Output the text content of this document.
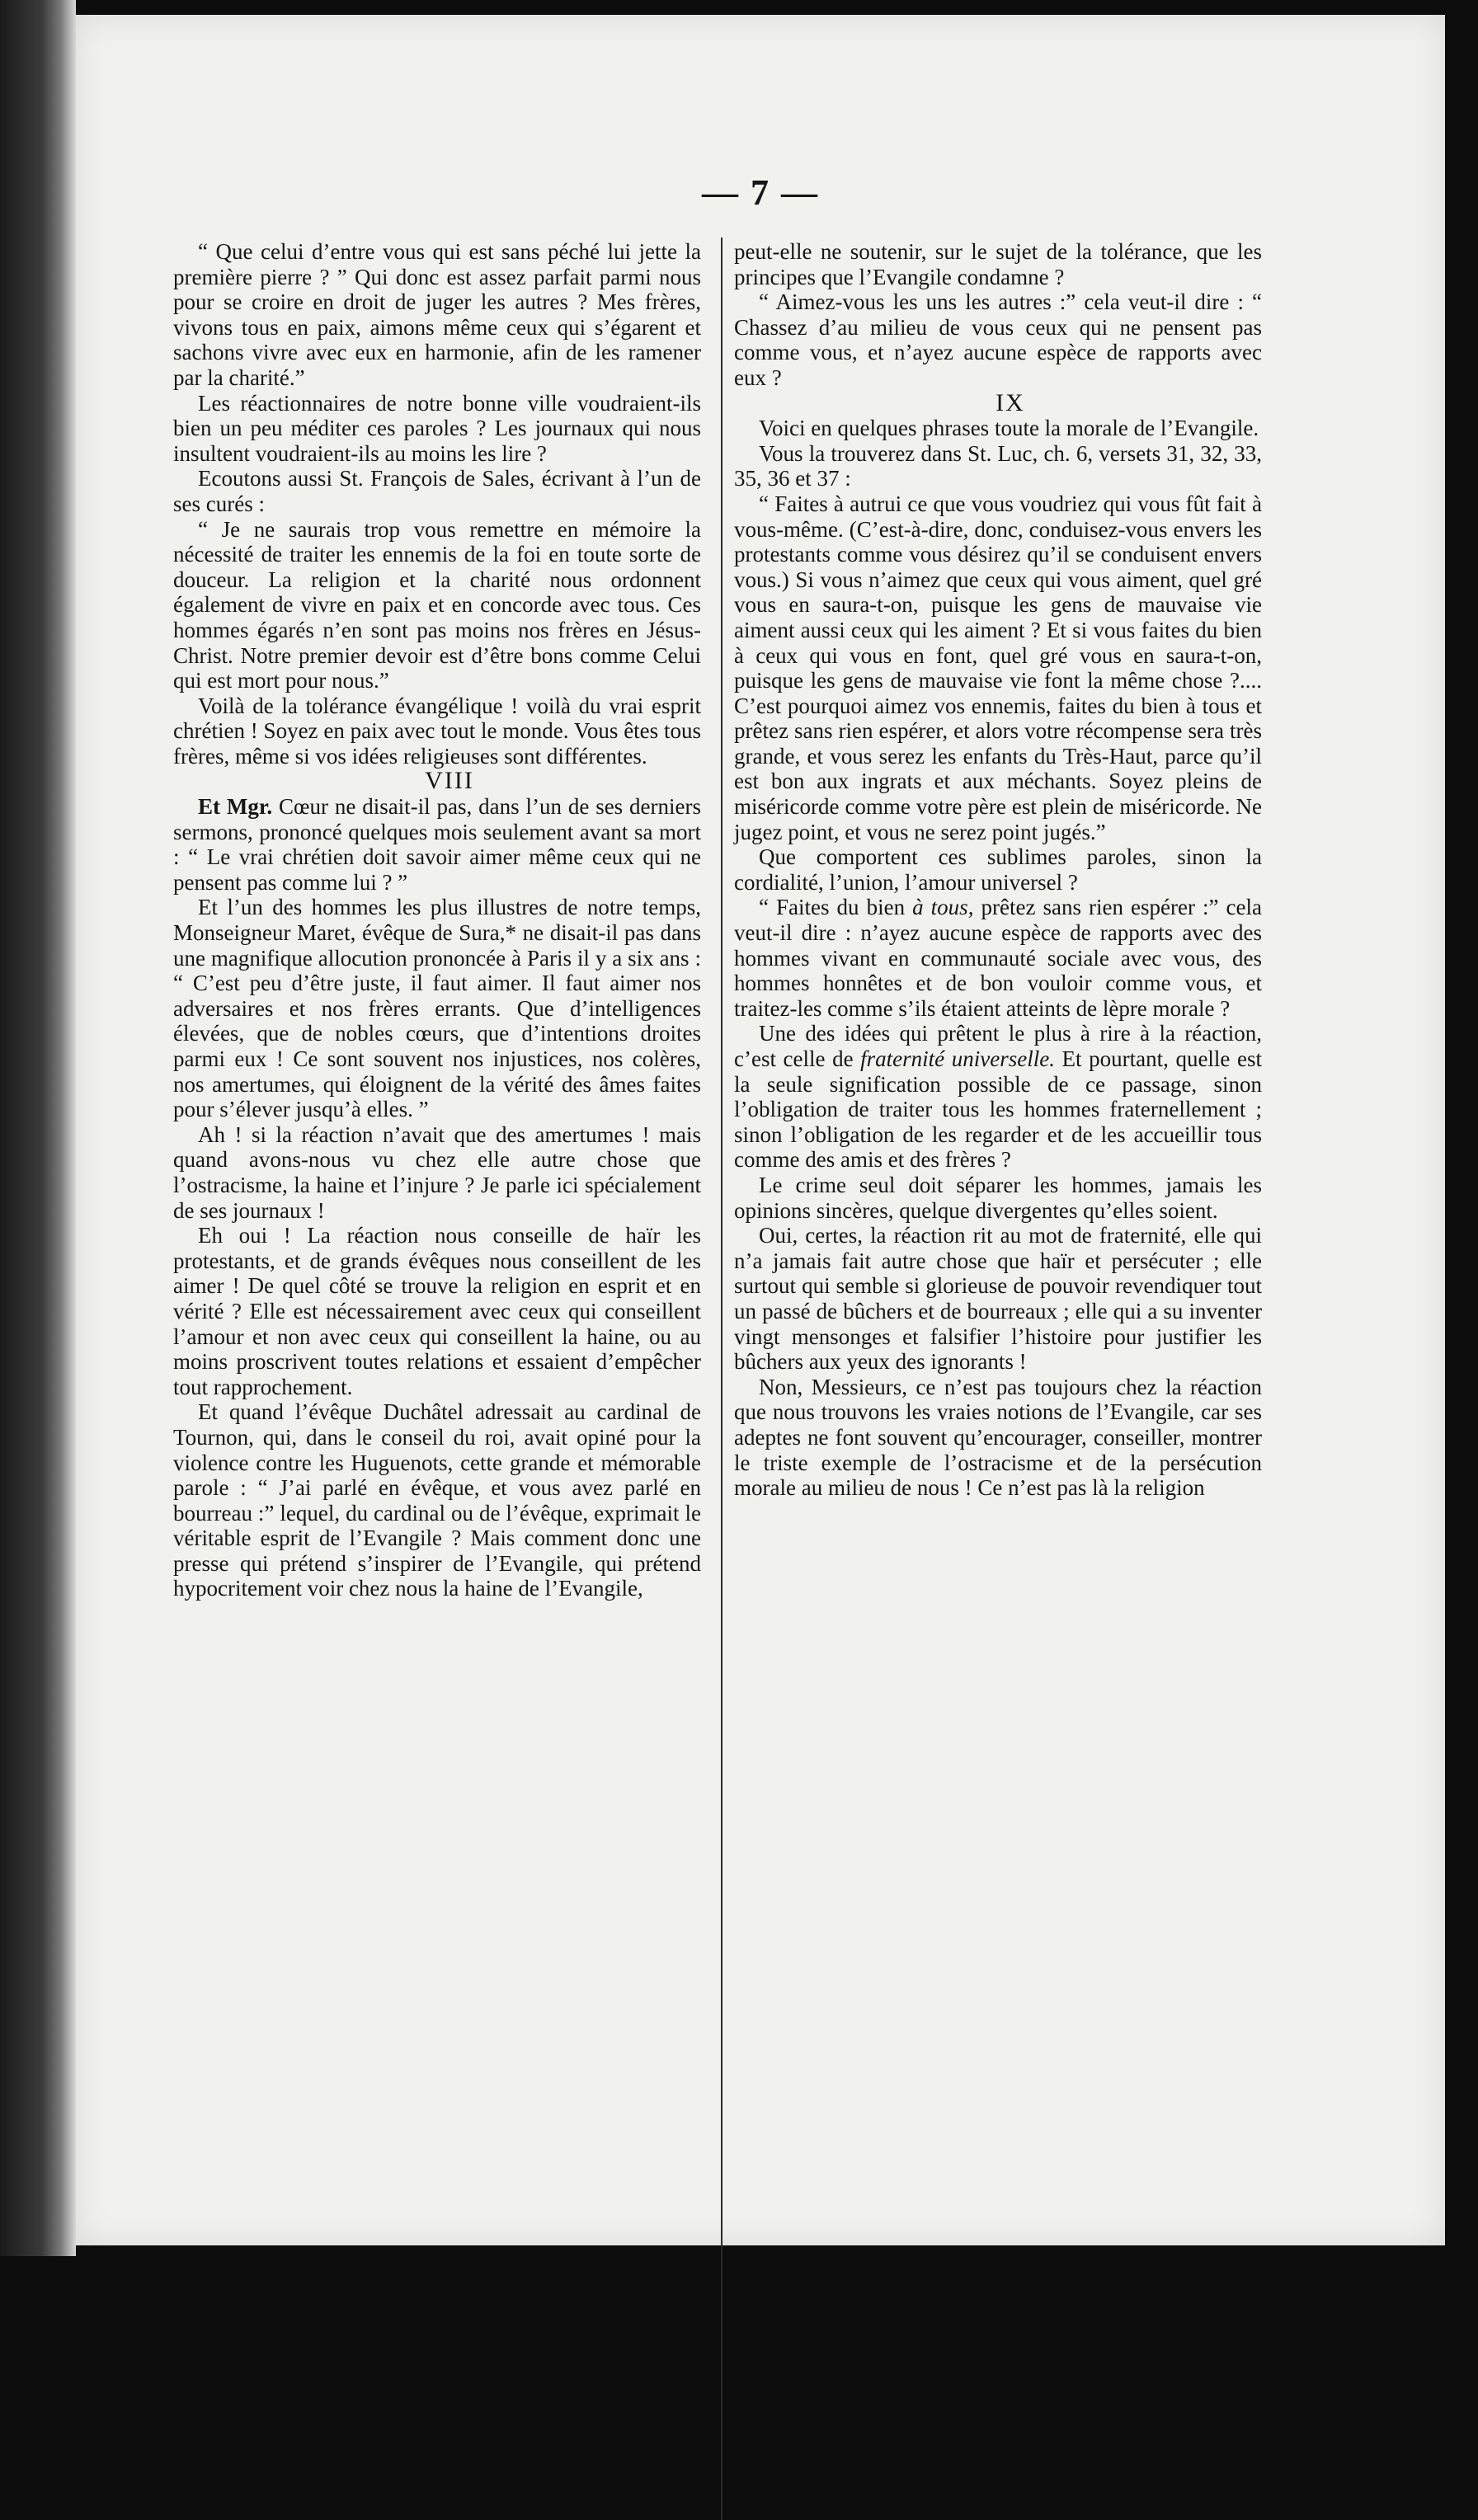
— 7 —

“ Que celui d’entre vous qui est sans péché lui jette la première pierre ? ” Qui donc est assez parfait parmi nous pour se croire en droit de juger les autres ? Mes frères, vivons tous en paix, aimons même ceux qui s’égarent et sachons vivre avec eux en harmonie, afin de les ramener par la charité.”

Les réactionnaires de notre bonne ville voudraient-ils bien un peu méditer ces paroles ? Les journaux qui nous insultent voudraient-ils au moins les lire ?

Ecoutons aussi St. François de Sales, écrivant à l’un de ses curés :

“ Je ne saurais trop vous remettre en mémoire la nécessité de traiter les ennemis de la foi en toute sorte de douceur. La religion et la charité nous ordonnent également de vivre en paix et en concorde avec tous. Ces hommes égarés n’en sont pas moins nos frères en Jésus-Christ. Notre premier devoir est d’être bons comme Celui qui est mort pour nous.”

Voilà de la tolérance évangélique ! voilà du vrai esprit chrétien ! Soyez en paix avec tout le monde. Vous êtes tous frères, même si vos idées religieuses sont différentes.

VIII

Et Mgr. Cœur ne disait-il pas, dans l’un de ses derniers sermons, prononcé quelques mois seulement avant sa mort : “ Le vrai chrétien doit savoir aimer même ceux qui ne pensent pas comme lui ? ”

Et l’un des hommes les plus illustres de notre temps, Monseigneur Maret, évêque de Sura,* ne disait-il pas dans une magnifique allocution prononcée à Paris il y a six ans : “ C’est peu d’être juste, il faut aimer. Il faut aimer nos adversaires et nos frères errants. Que d’intelligences élevées, que de nobles cœurs, que d’intentions droites parmi eux ! Ce sont souvent nos injustices, nos colères, nos amertumes, qui éloignent de la vérité des âmes faites pour s’élever jusqu’à elles. ”

Ah ! si la réaction n’avait que des amertumes ! mais quand avons-nous vu chez elle autre chose que l’ostracisme, la haine et l’injure ? Je parle ici spécialement de ses journaux !

Eh oui ! La réaction nous conseille de haïr les protestants, et de grands évêques nous conseillent de les aimer ! De quel côté se trouve la religion en esprit et en vérité ? Elle est nécessairement avec ceux qui conseillent l’amour et non avec ceux qui conseillent la haine, ou au moins proscrivent toutes relations et essaient d’empêcher tout rapprochement.

Et quand l’évêque Duchâtel adressait au cardinal de Tournon, qui, dans le conseil du roi, avait opiné pour la violence contre les Huguenots, cette grande et mémorable parole : “ J’ai parlé en évêque, et vous avez parlé en bourreau :” lequel, du cardinal ou de l’évêque, exprimait le véritable esprit de l’Evangile ? Mais comment donc une presse qui prétend s’inspirer de l’Evangile, qui prétend hypocritement voir chez nous la haine de l’Evangile,

peut-elle ne soutenir, sur le sujet de la tolérance, que les principes que l’Evangile condamne ?

“ Aimez-vous les uns les autres :” cela veut-il dire : “ Chassez d’au milieu de vous ceux qui ne pensent pas comme vous, et n’ayez aucune espèce de rapports avec eux ?

IX

Voici en quelques phrases toute la morale de l’Evangile.

Vous la trouverez dans St. Luc, ch. 6, versets 31, 32, 33, 35, 36 et 37 :

“ Faites à autrui ce que vous voudriez qui vous fût fait à vous-même. (C’est-à-dire, donc, conduisez-vous envers les protestants comme vous désirez qu’il se conduisent envers vous.) Si vous n’aimez que ceux qui vous aiment, quel gré vous en saura-t-on, puisque les gens de mauvaise vie aiment aussi ceux qui les aiment ? Et si vous faites du bien à ceux qui vous en font, quel gré vous en saura-t-on, puisque les gens de mauvaise vie font la même chose ?.... C’est pourquoi aimez vos ennemis, faites du bien à tous et prêtez sans rien espérer, et alors votre récompense sera très grande, et vous serez les enfants du Très-Haut, parce qu’il est bon aux ingrats et aux méchants. Soyez pleins de miséricorde comme votre père est plein de miséricorde. Ne jugez point, et vous ne serez point jugés.”

Que comportent ces sublimes paroles, sinon la cordialité, l’union, l’amour universel ?

“ Faites du bien à tous, prêtez sans rien espérer :” cela veut-il dire : n’ayez aucune espèce de rapports avec des hommes vivant en communauté sociale avec vous, des hommes honnêtes et de bon vouloir comme vous, et traitez-les comme s’ils étaient atteints de lèpre morale ?

Une des idées qui prêtent le plus à rire à la réaction, c’est celle de fraternité universelle. Et pourtant, quelle est la seule signification possible de ce passage, sinon l’obligation de traiter tous les hommes fraternellement ; sinon l’obligation de les regarder et de les accueillir tous comme des amis et des frères ?

Le crime seul doit séparer les hommes, jamais les opinions sincères, quelque divergentes qu’elles soient.

Oui, certes, la réaction rit au mot de fraternité, elle qui n’a jamais fait autre chose que haïr et persécuter ; elle surtout qui semble si glorieuse de pouvoir revendiquer tout un passé de bûchers et de bourreaux ; elle qui a su inventer vingt mensonges et falsifier l’histoire pour justifier les bûchers aux yeux des ignorants !

Non, Messieurs, ce n’est pas toujours chez la réaction que nous trouvons les vraies notions de l’Evangile, car ses adeptes ne font souvent qu’encourager, conseiller, montrer le triste exemple de l’ostracisme et de la persécution morale au milieu de nous ! Ce n’est pas là la religion
